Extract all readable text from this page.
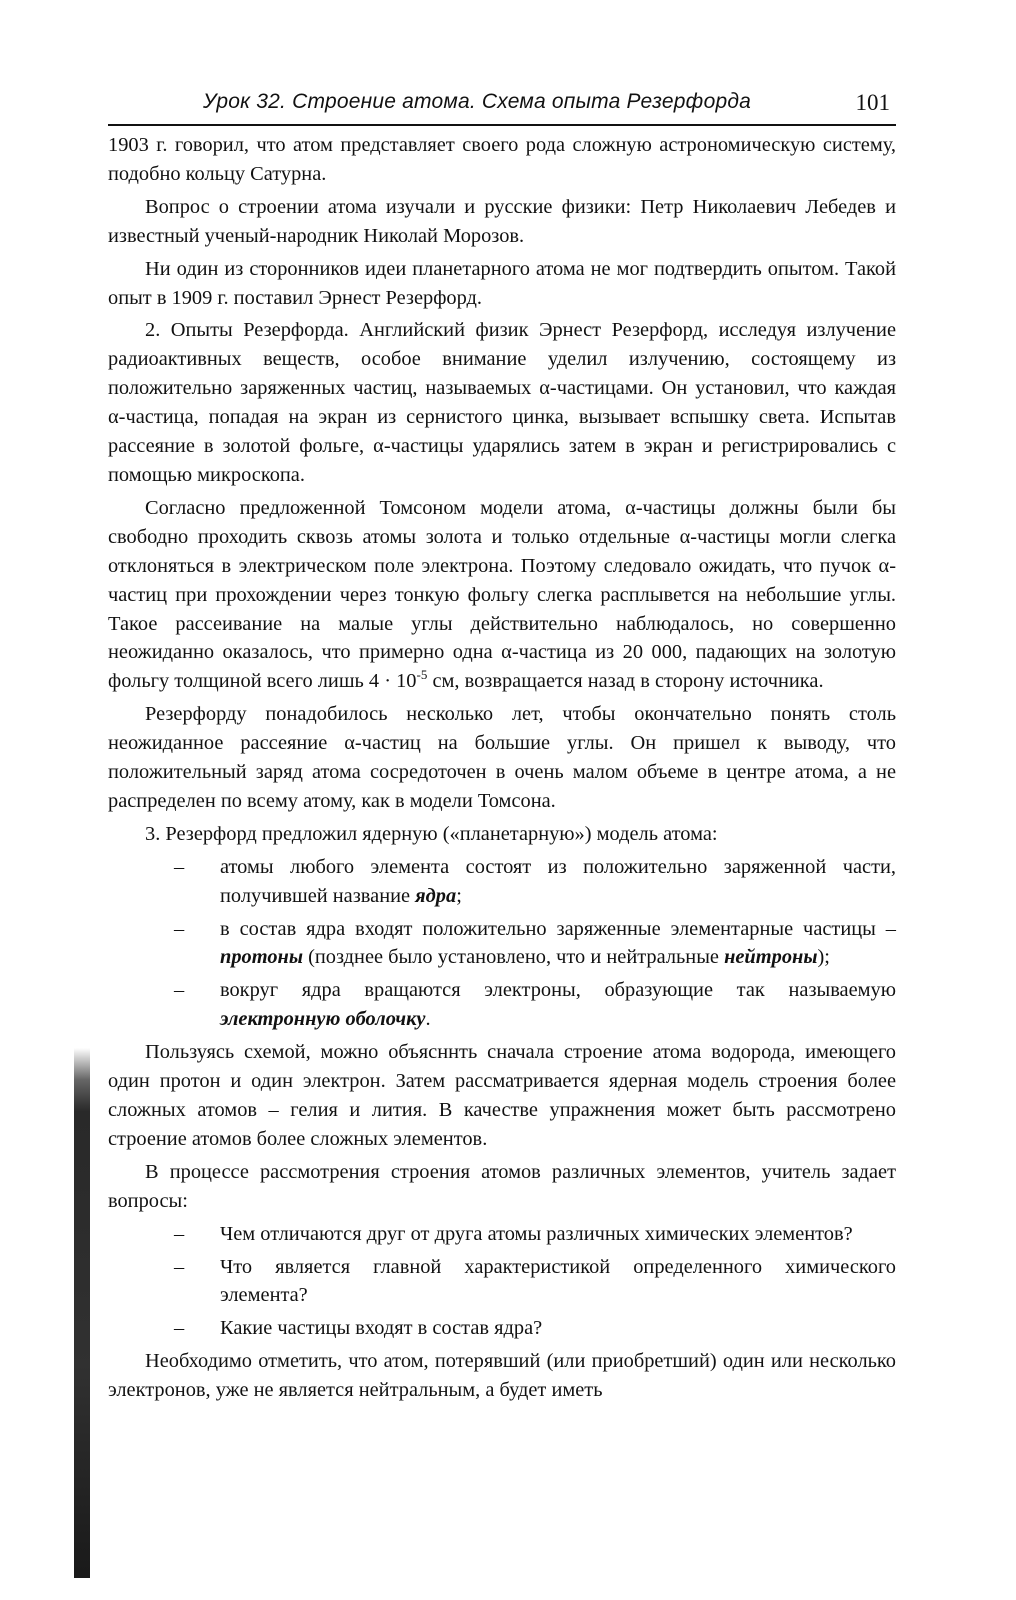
Урок 32. Строение атома. Схема опыта Резерфорда	101

1903 г. говорил, что атом представляет своего рода сложную астрономическую систему, подобно кольцу Сатурна.

Вопрос о строении атома изучали и русские физики: Петр Николаевич Лебедев и известный ученый-народник Николай Морозов.

Ни один из сторонников идеи планетарного атома не мог подтвердить опытом. Такой опыт в 1909 г. поставил Эрнест Резерфорд.

2. Опыты Резерфорда. Английский физик Эрнест Резерфорд, исследуя излучение радиоактивных веществ, особое внимание уделил излучению, состоящему из положительно заряженных частиц, называемых α-частицами. Он установил, что каждая α-частица, попадая на экран из сернистого цинка, вызывает вспышку света. Испытав рассеяние в золотой фольге, α-частицы ударялись затем в экран и регистрировались с помощью микроскопа.

Согласно предложенной Томсоном модели атома, α-частицы должны были бы свободно проходить сквозь атомы золота и только отдельные α-частицы могли слегка отклоняться в электрическом поле электрона. Поэтому следовало ожидать, что пучок α-частиц при прохождении через тонкую фольгу слегка расплывется на небольшие углы. Такое рассеивание на малые углы действительно наблюдалось, но совершенно неожиданно оказалось, что примерно одна α-частица из 20 000, падающих на золотую фольгу толщиной всего лишь $4 \cdot 10^{-5}$ см, возвращается назад в сторону источника.

Резерфорду понадобилось несколько лет, чтобы окончательно понять столь неожиданное рассеяние α-частиц на большие углы. Он пришел к выводу, что положительный заряд атома сосредоточен в очень малом объеме в центре атома, а не распределен по всему атому, как в модели Томсона.

3. Резерфорд предложил ядерную («планетарную») модель атома:

– атомы любого элемента состоят из положительно заряженной части, получившей название ядра;
– в состав ядра входят положительно заряженные элементарные частицы – протоны (позднее было установлено, что и нейтральные нейтроны);
– вокруг ядра вращаются электроны, образующие так называемую электронную оболочку.

Пользуясь схемой, можно объясннть сначала строение атома водорода, имеющего один протон и один электрон. Затем рассматривается ядерная модель строения более сложных атомов – гелия и лития. В качестве упражнения может быть рассмотрено строение атомов более сложных элементов.

В процессе рассмотрения строения атомов различных элементов, учитель задает вопросы:

– Чем отличаются друг от друга атомы различных химических элементов?
– Что является главной характеристикой определенного химического элемента?
– Какие частицы входят в состав ядра?

Необходимо отметить, что атом, потерявший (или приобретший) один или несколько электронов, уже не является нейтральным, а будет иметь
